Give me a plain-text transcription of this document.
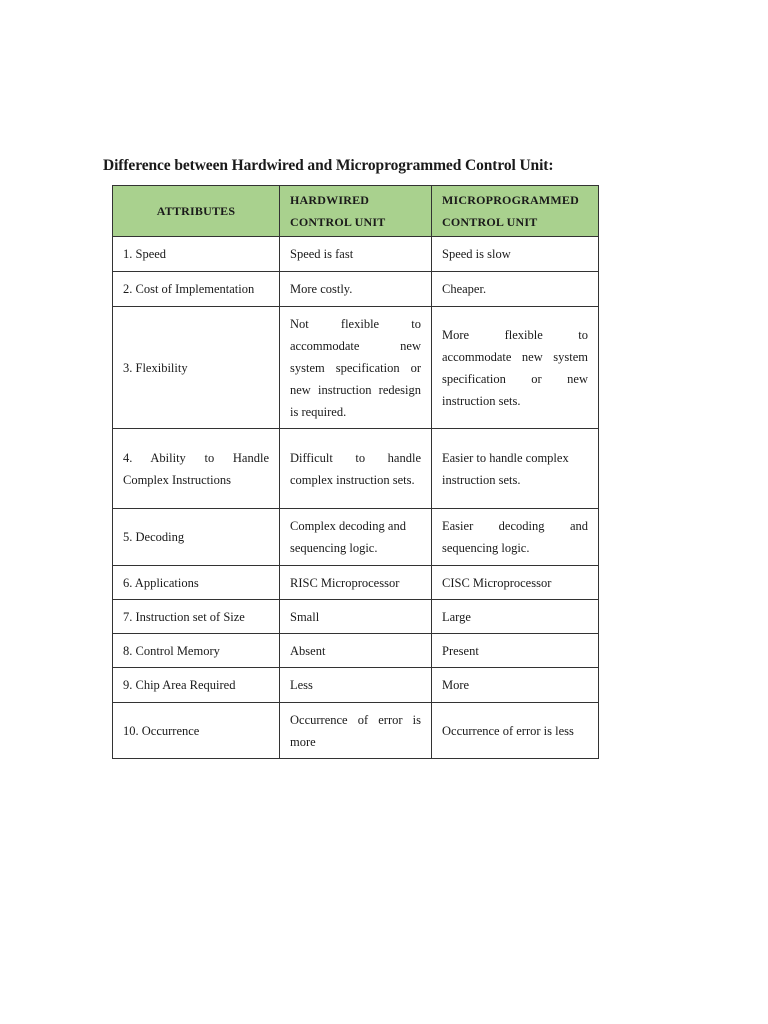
Difference between Hardwired and Microprogrammed Control Unit:
ATTRIBUTES	HARDWIRED CONTROL UNIT	MICROPROGRAMMED CONTROL UNIT
1. Speed	Speed is fast	Speed is slow
2. Cost of Implementation	More costly.	Cheaper.
3. Flexibility	Not flexible to accommodate new system specification or new instruction redesign is required.	More flexible to accommodate new system specification or new instruction sets.
4. Ability to Handle Complex Instructions	Difficult to handle complex instruction sets.	Easier to handle complex instruction sets.
5. Decoding	Complex decoding and sequencing logic.	Easier decoding and sequencing logic.
6. Applications	RISC Microprocessor	CISC Microprocessor
7. Instruction set of Size	Small	Large
8. Control Memory	Absent	Present
9. Chip Area Required	Less	More
10. Occurrence	Occurrence of error is more	Occurrence of error is less
